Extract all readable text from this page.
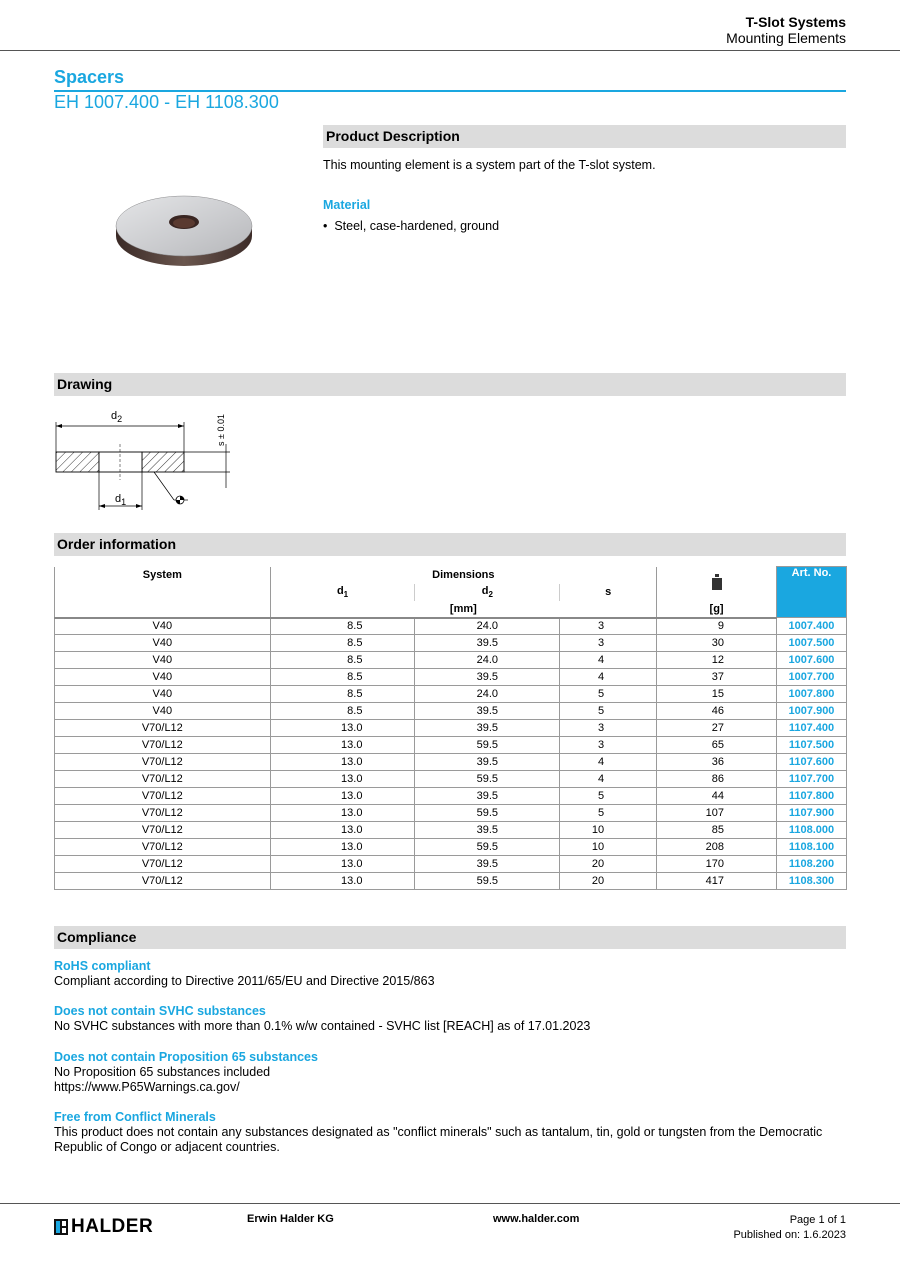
T-Slot Systems
Mounting Elements
Spacers
EH 1007.400 - EH 1108.300
Product Description
This mounting element is a system part of the T-slot system.
Material
•  Steel, case-hardened, ground
Drawing
$d_2$	s ± 0.01
$d_1$
Order information
System	Dimensions				Art. No.
	$d_1$	$d_2$	s		
	[mm]			[g]	
V40	8.5	24.0	3	9	1007.400
V40	8.5	39.5	3	30	1007.500
V40	8.5	24.0	4	12	1007.600
V40	8.5	39.5	4	37	1007.700
V40	8.5	24.0	5	15	1007.800
V40	8.5	39.5	5	46	1007.900
V70/L12	13.0	39.5	3	27	1107.400
V70/L12	13.0	59.5	3	65	1107.500
V70/L12	13.0	39.5	4	36	1107.600
V70/L12	13.0	59.5	4	86	1107.700
V70/L12	13.0	39.5	5	44	1107.800
V70/L12	13.0	59.5	5	107	1107.900
V70/L12	13.0	39.5	10	85	1108.000
V70/L12	13.0	59.5	10	208	1108.100
V70/L12	13.0	39.5	20	170	1108.200
V70/L12	13.0	59.5	20	417	1108.300
Compliance
RoHS compliant
Compliant according to Directive 2011/65/EU and Directive 2015/863
Does not contain SVHC substances
No SVHC substances with more than 0.1% w/w contained - SVHC list [REACH] as of 17.01.2023
Does not contain Proposition 65 substances
No Proposition 65 substances included
https://www.P65Warnings.ca.gov/
Free from Conflict Minerals
This product does not contain any substances designated as "conflict minerals" such as tantalum, tin, gold or tungsten from the Democratic Republic of Congo or adjacent countries.
HALDER	Erwin Halder KG	www.halder.com	Page 1 of 1
Published on: 1.6.2023
